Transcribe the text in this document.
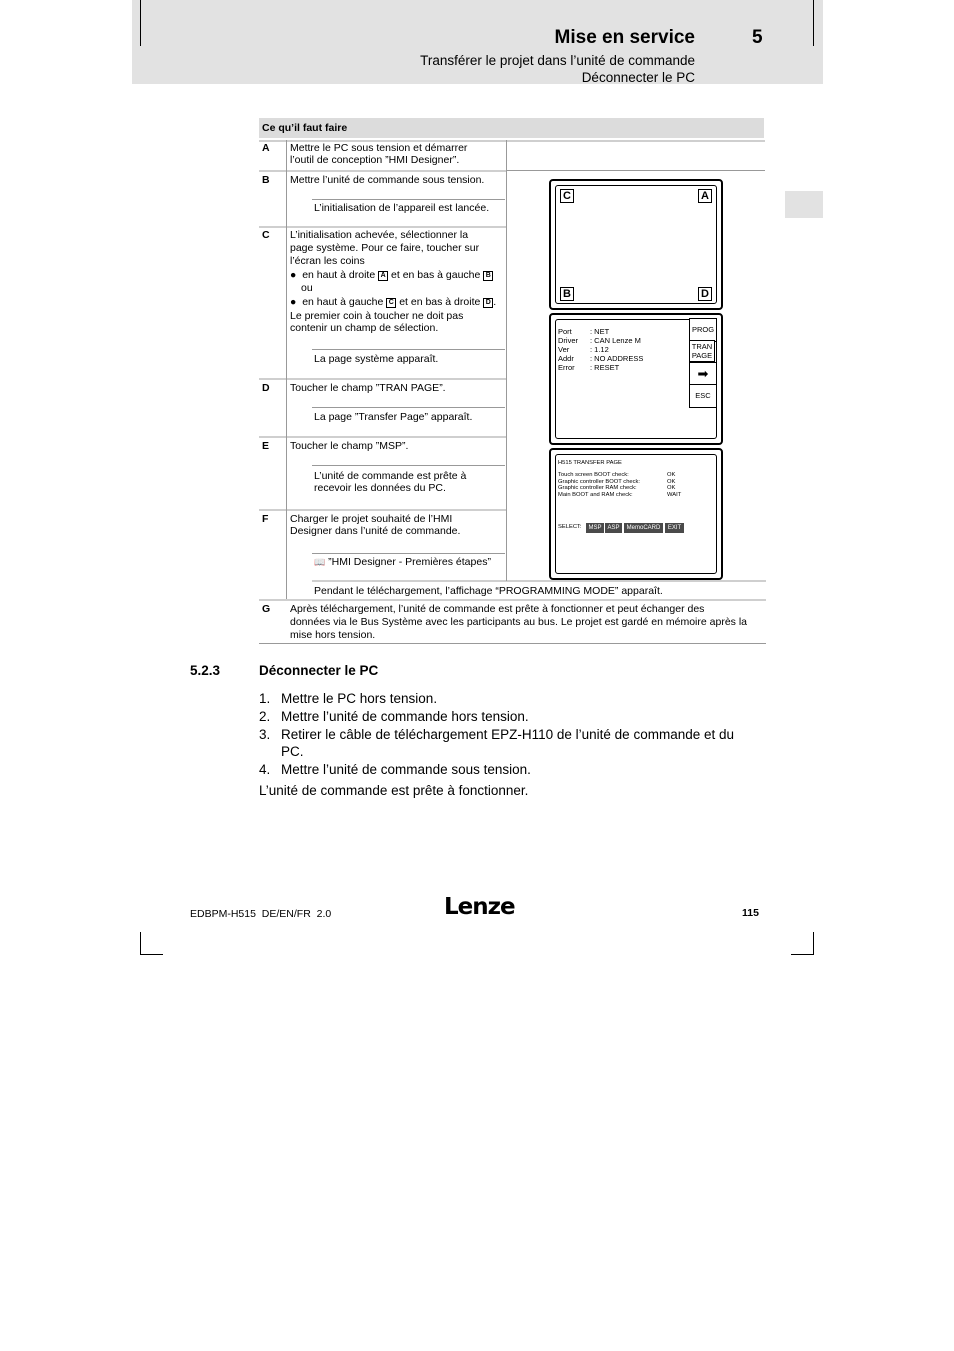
Mise en service	5
Transférer le projet dans l’unité de commande
Déconnecter le PC
Ce qu’il faut faire
A Mettre le PC sous tension et démarrer
l’outil de conception ”HMI Designer”.
B Mettre l’unité de commande sous tension.
L’initialisation de l’appareil est lancée.
C L’initialisation achevée, sélectionner la
page système. Pour ce faire, toucher sur
l’écran les coins
● en haut à droite A et en bas à gauche B
ou
● en haut à gauche C et en bas à droite D .
Le premier coin à toucher ne doit pas
contenir un champ de sélection.
La page système apparaît.
D Toucher le champ ”TRAN PAGE”.
La page ”Transfer Page” apparaît.
E Toucher le champ ”MSP”.
L’unité de commande est prête à
recevoir les données du PC.
F Charger le projet souhaité de l’HMI
Designer dans l’unité de commande.
📖 ”HMI Designer - Premières étapes”
Pendant le téléchargement, l’affichage “PROGRAMMING MODE” apparaît.
G Après téléchargement, l’unité de commande est prête à fonctionner et peut échanger des
données via le Bus Système avec les participants au bus. Le projet est gardé en mémoire après la
mise hors tension.
C	A
B	D
Port : NET
Driver : CAN Lenze M
Ver	: 1.12
Addr : NO ADDRESS
Error : RESET
PROG
TRAN
PAGE
➡
ESC
H515 TRANSFER PAGE
Touch screen BOOT check:	OK
Graphic controller BOOT check:	OK
Graphic controller RAM check:	OK
Main BOOT and RAM check:	WAIT
SELECT:	MSP ASP	MemoCARD	EXIT
5.2.3	Déconnecter le PC
1. Mettre le PC hors tension.
2. Mettre l’unité de commande hors tension.
3. Retirer le câble de téléchargement EPZ-H110 de l’unité de commande et du
PC.
4. Mettre l’unité de commande sous tension.
L’unité de commande est prête à fonctionner.
EDBPM-H515  DE/EN/FR  2.0	Lenze	115
